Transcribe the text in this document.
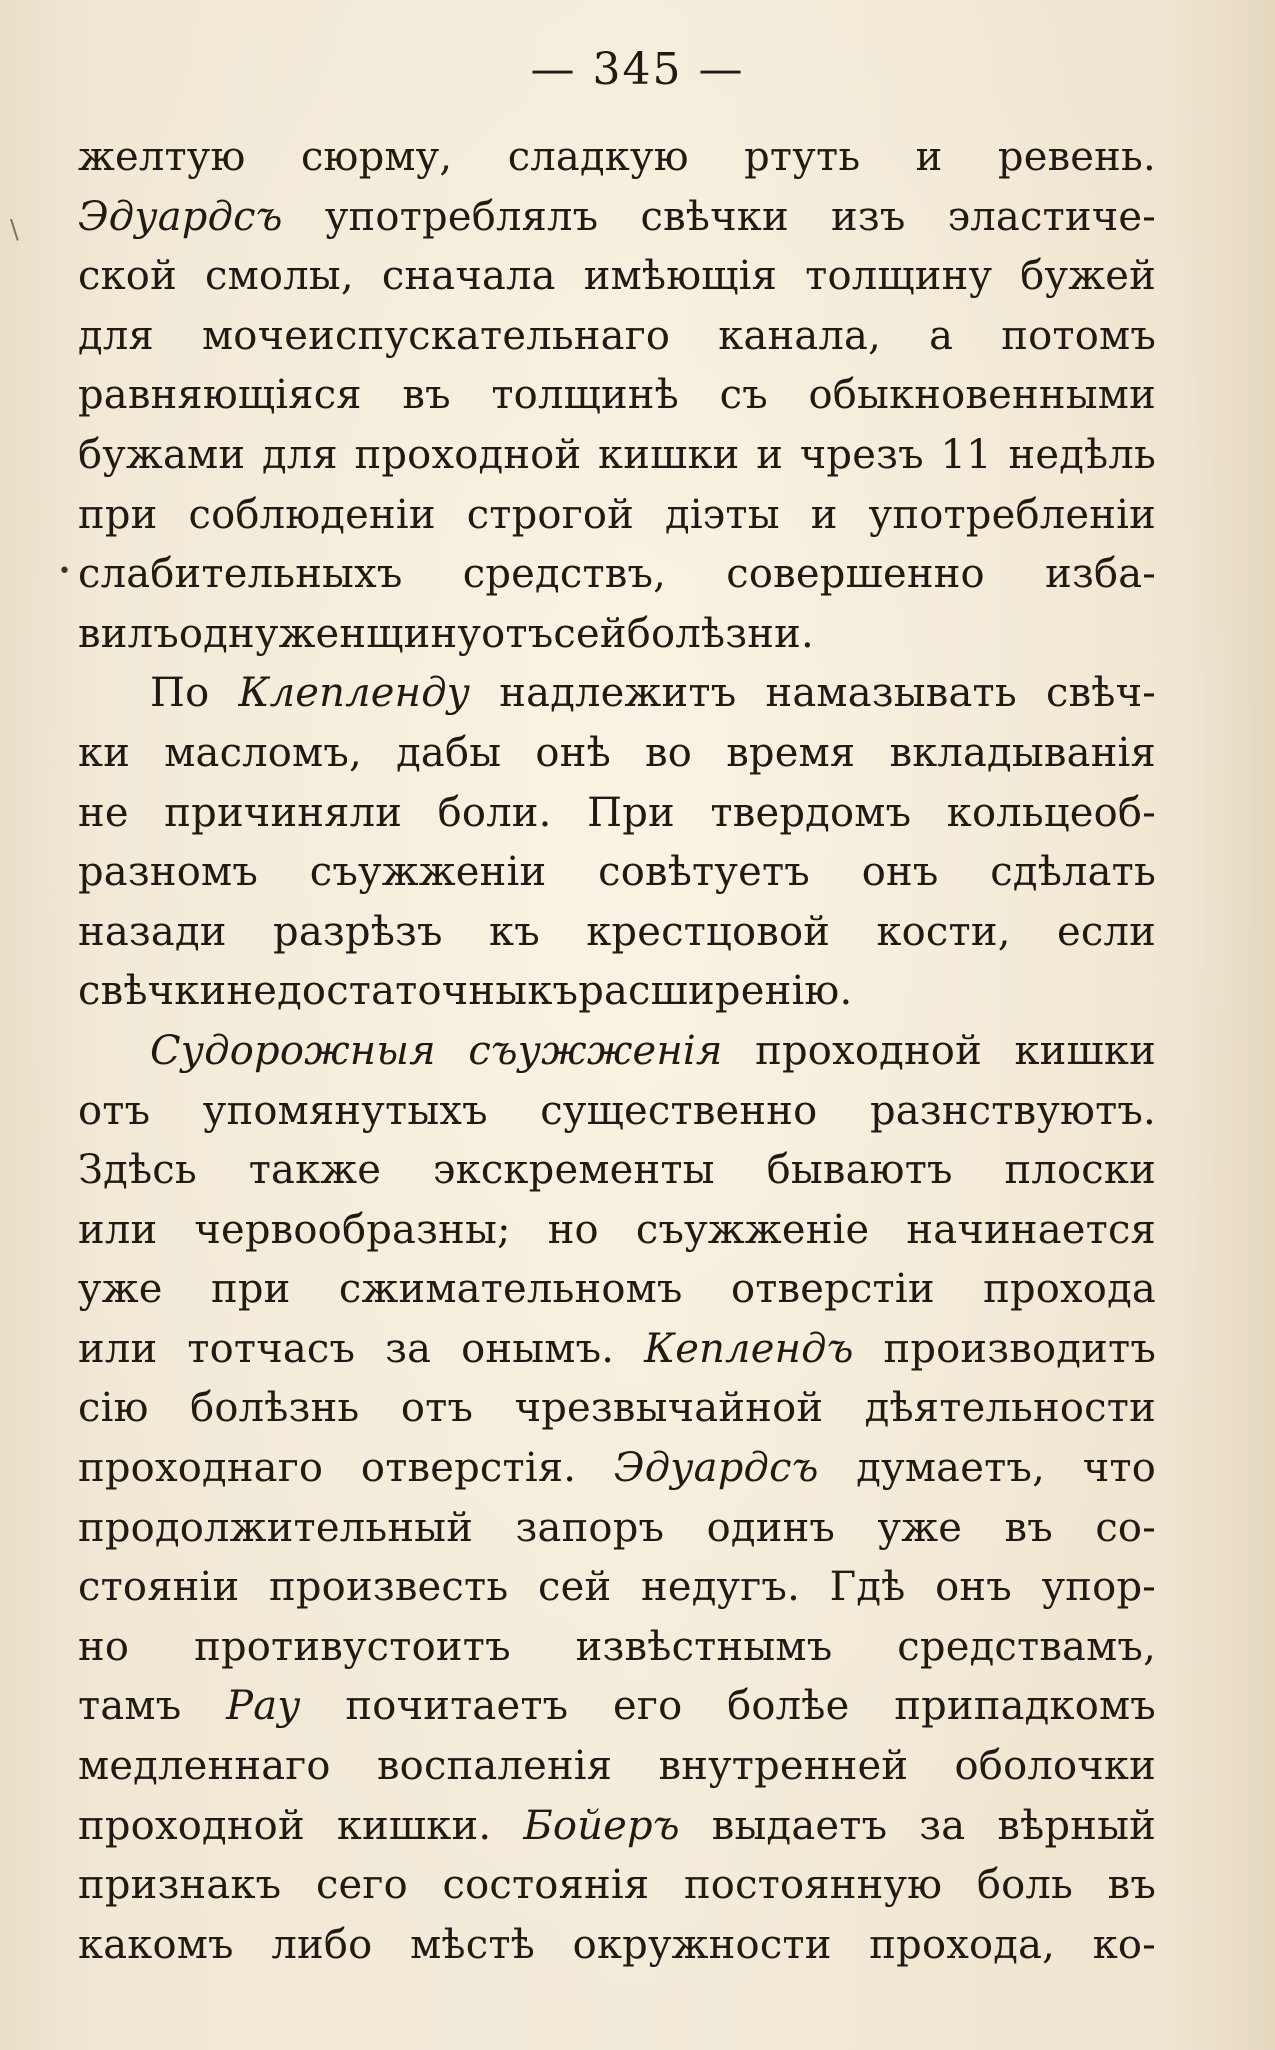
\
— 345 —
•
желтую сюрму, сладкую ртуть и ревень.
Эдуардсъ употреблялъ свѣчки изъ эластиче-
ской смолы, сначала имѣющія толщину бужей
для мочеиспускательнаго канала, а потомъ
равняющіяся въ толщинѣ съ обыкновенными
бужами для проходной кишки и чрезъ 11 недѣль
при соблюденіи строгой діэты и употребленіи
слабительныхъ средствъ, совершенно изба-
вилъ одну женщину отъ сей болѣзни.
По Клепленду надлежитъ намазывать свѣч-
ки масломъ, дабы онѣ во время вкладыванія
не причиняли боли. При твердомъ кольцеоб-
разномъ съужженіи совѣтуетъ онъ сдѣлать
назади разрѣзъ къ крестцовой кости, если
свѣчки недостаточны къ расширенію.
Судорожныя съужженія проходной кишки
отъ упомянутыхъ существенно разнствуютъ.
Здѣсь также экскременты бываютъ плоски
или червообразны; но съужженіе начинается
уже при сжимательномъ отверстіи прохода
или тотчасъ за онымъ. Кеплендъ производитъ
сію болѣзнь отъ чрезвычайной дѣятельности
проходнаго отверстія. Эдуардсъ думаетъ, что
продолжительный запоръ одинъ уже въ со-
стояніи произвесть сей недугъ. Гдѣ онъ упор-
но противустоитъ извѣстнымъ средствамъ,
тамъ Рау почитаетъ его болѣе припадкомъ
медленнаго воспаленія внутренней оболочки
проходной кишки. Бойеръ выдаетъ за вѣрный
признакъ сего состоянія постоянную боль въ
какомъ либо мѣстѣ окружности прохода, ко-
